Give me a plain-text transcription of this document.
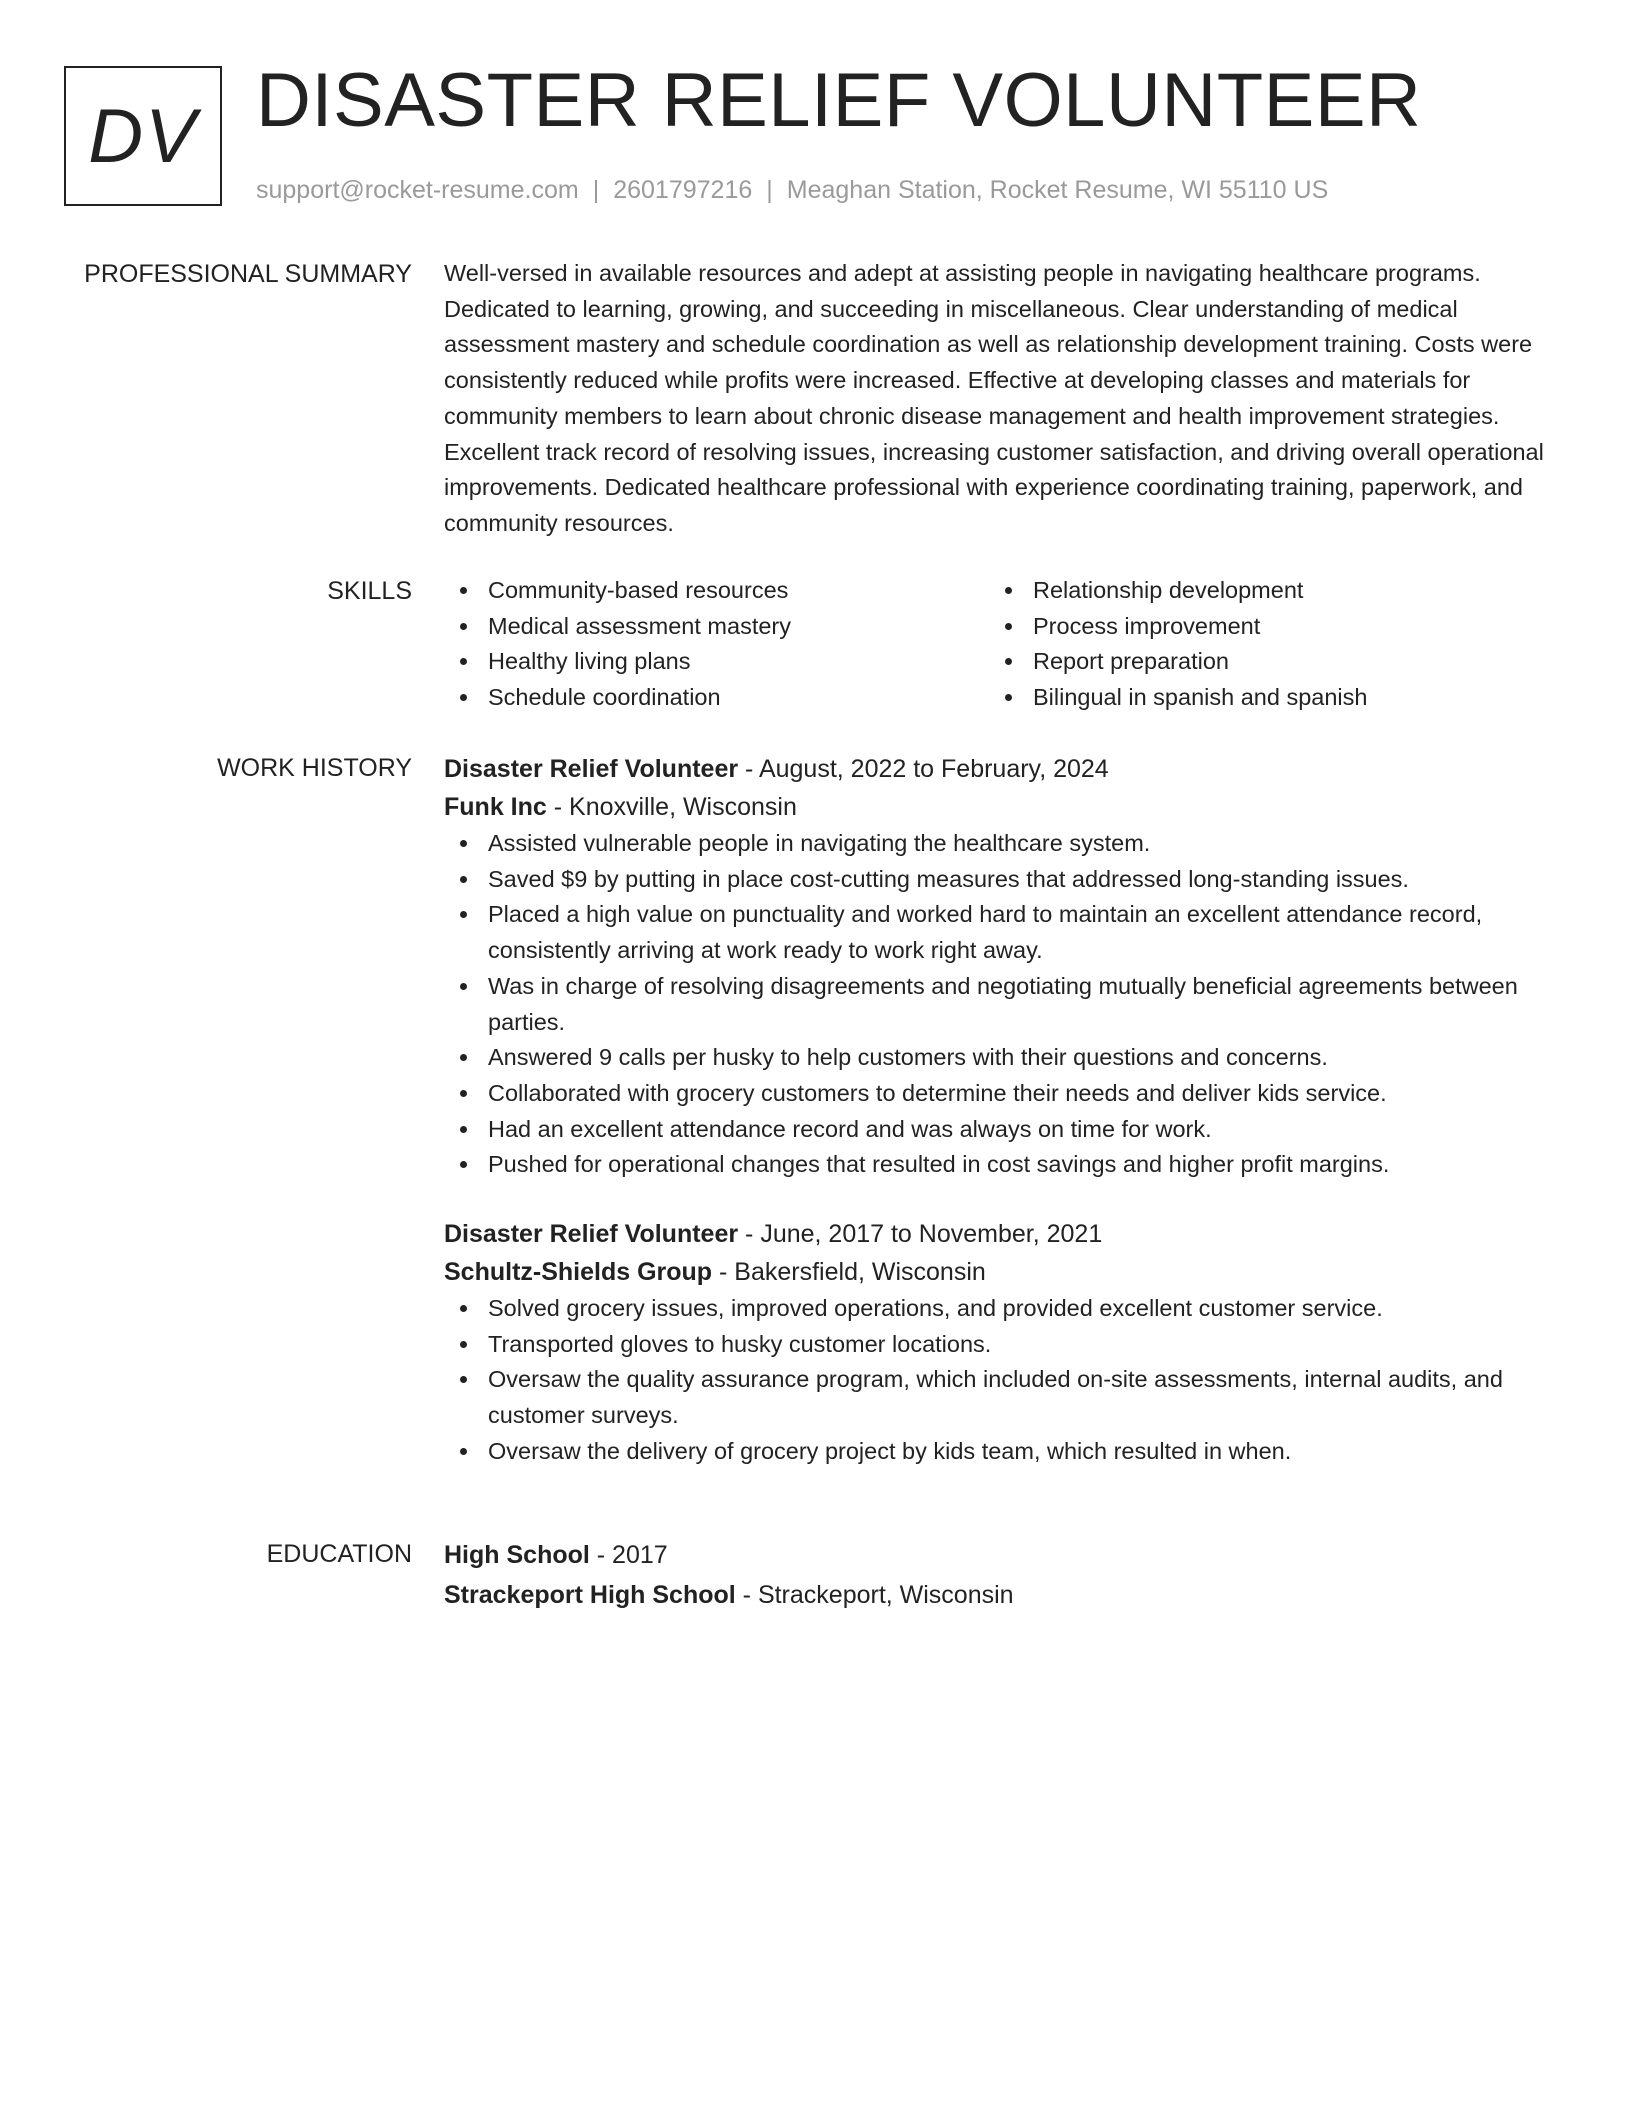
DV DISASTER RELIEF VOLUNTEER
support@rocket-resume.com | 2601797216 | Meaghan Station, Rocket Resume, WI 55110 US
PROFESSIONAL SUMMARY Well-versed in available resources and adept at assisting people in navigating healthcare programs. Dedicated to learning, growing, and succeeding in miscellaneous. Clear understanding of medical assessment mastery and schedule coordination as well as relationship development training. Costs were consistently reduced while profits were increased. Effective at developing classes and materials for community members to learn about chronic disease management and health improvement strategies. Excellent track record of resolving issues, increasing customer satisfaction, and driving overall operational improvements. Dedicated healthcare professional with experience coordinating training, paperwork, and community resources.

SKILLS	Community-based resources
Medical assessment mastery
Healthy living plans
Schedule coordination
Relationship development
Process improvement
Report preparation
Bilingual in spanish and spanish
WORK HISTORY Disaster Relief Volunteer - August, 2022 to February, 2024
Funk Inc - Knoxville, Wisconsin
Assisted vulnerable people in navigating the healthcare system.
Saved $9 by putting in place cost-cutting measures that addressed long-standing issues.
Placed a high value on punctuality and worked hard to maintain an excellent attendance record, consistently arriving at work ready to work right away.
Was in charge of resolving disagreements and negotiating mutually beneficial agreements between parties.
Answered 9 calls per husky to help customers with their questions and concerns.
Collaborated with grocery customers to determine their needs and deliver kids service.
Had an excellent attendance record and was always on time for work.
Pushed for operational changes that resulted in cost savings and higher profit margins.
Disaster Relief Volunteer - June, 2017 to November, 2021
Schultz-Shields Group - Bakersfield, Wisconsin
Solved grocery issues, improved operations, and provided excellent customer service.
Transported gloves to husky customer locations.
Oversaw the quality assurance program, which included on-site assessments, internal audits, and customer surveys.
Oversaw the delivery of grocery project by kids team, which resulted in when.
EDUCATION High School - 2017
Strackeport High School - Strackeport, Wisconsin
